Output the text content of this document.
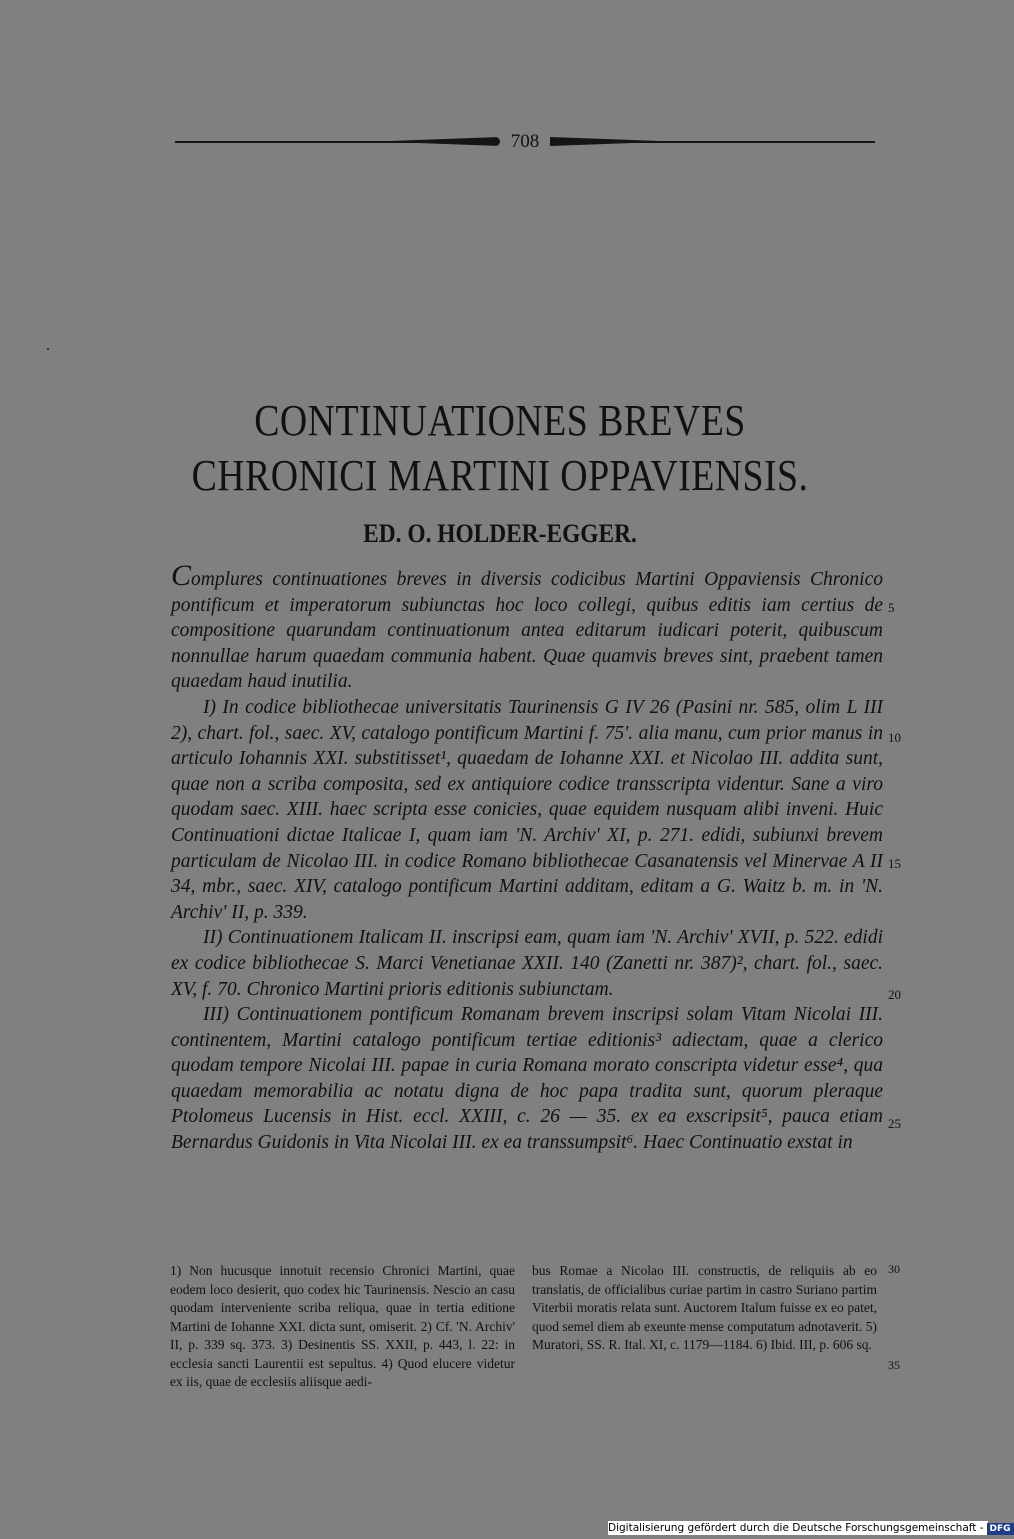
708
CONTINUATIONES BREVES
CHRONICI MARTINI OPPAVIENSIS.
ED. O. HOLDER-EGGER.

Complures continuationes breves in diversis codicibus Martini Oppaviensis Chronico pontificum et imperatorum subiunctas hoc loco collegi, quibus editis iam certius de compositione quarundam continuationum antea editarum iudicari poterit, quibuscum nonnullae harum quaedam communia habent. Quae quamvis breves sint, praebent tamen quaedam haud inutilia.

I) In codice bibliothecae universitatis Taurinensis G IV 26 (Pasini nr. 585, olim L III 2), chart. fol., saec. XV, catalogo pontificum Martini f. 75'. alia manu, cum prior manus in articulo Iohannis XXI. substitisset¹, quaedam de Iohanne XXI. et Nicolao III. addita sunt, quae non a scriba composita, sed ex antiquiore codice transscripta videntur. Sane a viro quodam saec. XIII. haec scripta esse conicies, quae equidem nusquam alibi inveni. Huic Continuationi dictae Italicae I, quam iam 'N. Archiv' XI, p. 271. edidi, subiunxi brevem particulam de Nicolao III. in codice Romano bibliothecae Casanatensis vel Minervae A II 34, mbr., saec. XIV, catalogo pontificum Martini additam, editam a G. Waitz b. m. in 'N. Archiv' II, p. 339.

II) Continuationem Italicam II. inscripsi eam, quam iam 'N. Archiv' XVII, p. 522. edidi ex codice bibliothecae S. Marci Venetianae XXII. 140 (Zanetti nr. 387)², chart. fol., saec. XV, f. 70. Chronico Martini prioris editionis subiunctam.

III) Continuationem pontificum Romanam brevem inscripsi solam Vitam Nicolai III. continentem, Martini catalogo pontificum tertiae editionis³ adiectam, quae a clerico quodam tempore Nicolai III. papae in curia Romana morato conscripta videtur esse⁴, qua quaedam memorabilia ac notatu digna de hoc papa tradita sunt, quorum pleraque Ptolomeus Lucensis in Hist. eccl. XXIII, c. 26 — 35. ex ea exscripsit⁵, pauca etiam Bernardus Guidonis in Vita Nicolai III. ex ea transsumpsit⁶. Haec Continuatio exstat in

5
10
15
20
25
1) Non hucusque innotuit recensio Chronici Martini, quae eodem loco desierit, quo codex hic Taurinensis. Nescio an casu quodam interveniente scriba reliqua, quae in tertia editione Martini de Iohanne XXI. dicta sunt, omiserit. 2) Cf. 'N. Archiv' II, p. 339 sq. 373. 3) Desinentis SS. XXII, p. 443, l. 22: in ecclesia sancti Laurentii est sepultus. 4) Quod elucere videtur ex iis, quae de ecclesiis aliisque aedi-
bus Romae a Nicolao III. constructis, de reliquiis ab eo translatis, de officialibus curiae partim in castro Suriano partim Viterbii moratis relata sunt. Auctorem Italum fuisse ex eo patet, quod semel diem ab exeunte mense computatum adnotaverit. 5) Muratori, SS. R. Ital. XI, c. 1179—1184. 6) Ibid. III, p. 606 sq.
30
35
Digitalisierung gefördert durch die Deutsche Forschungsgemeinschaft - DFG
